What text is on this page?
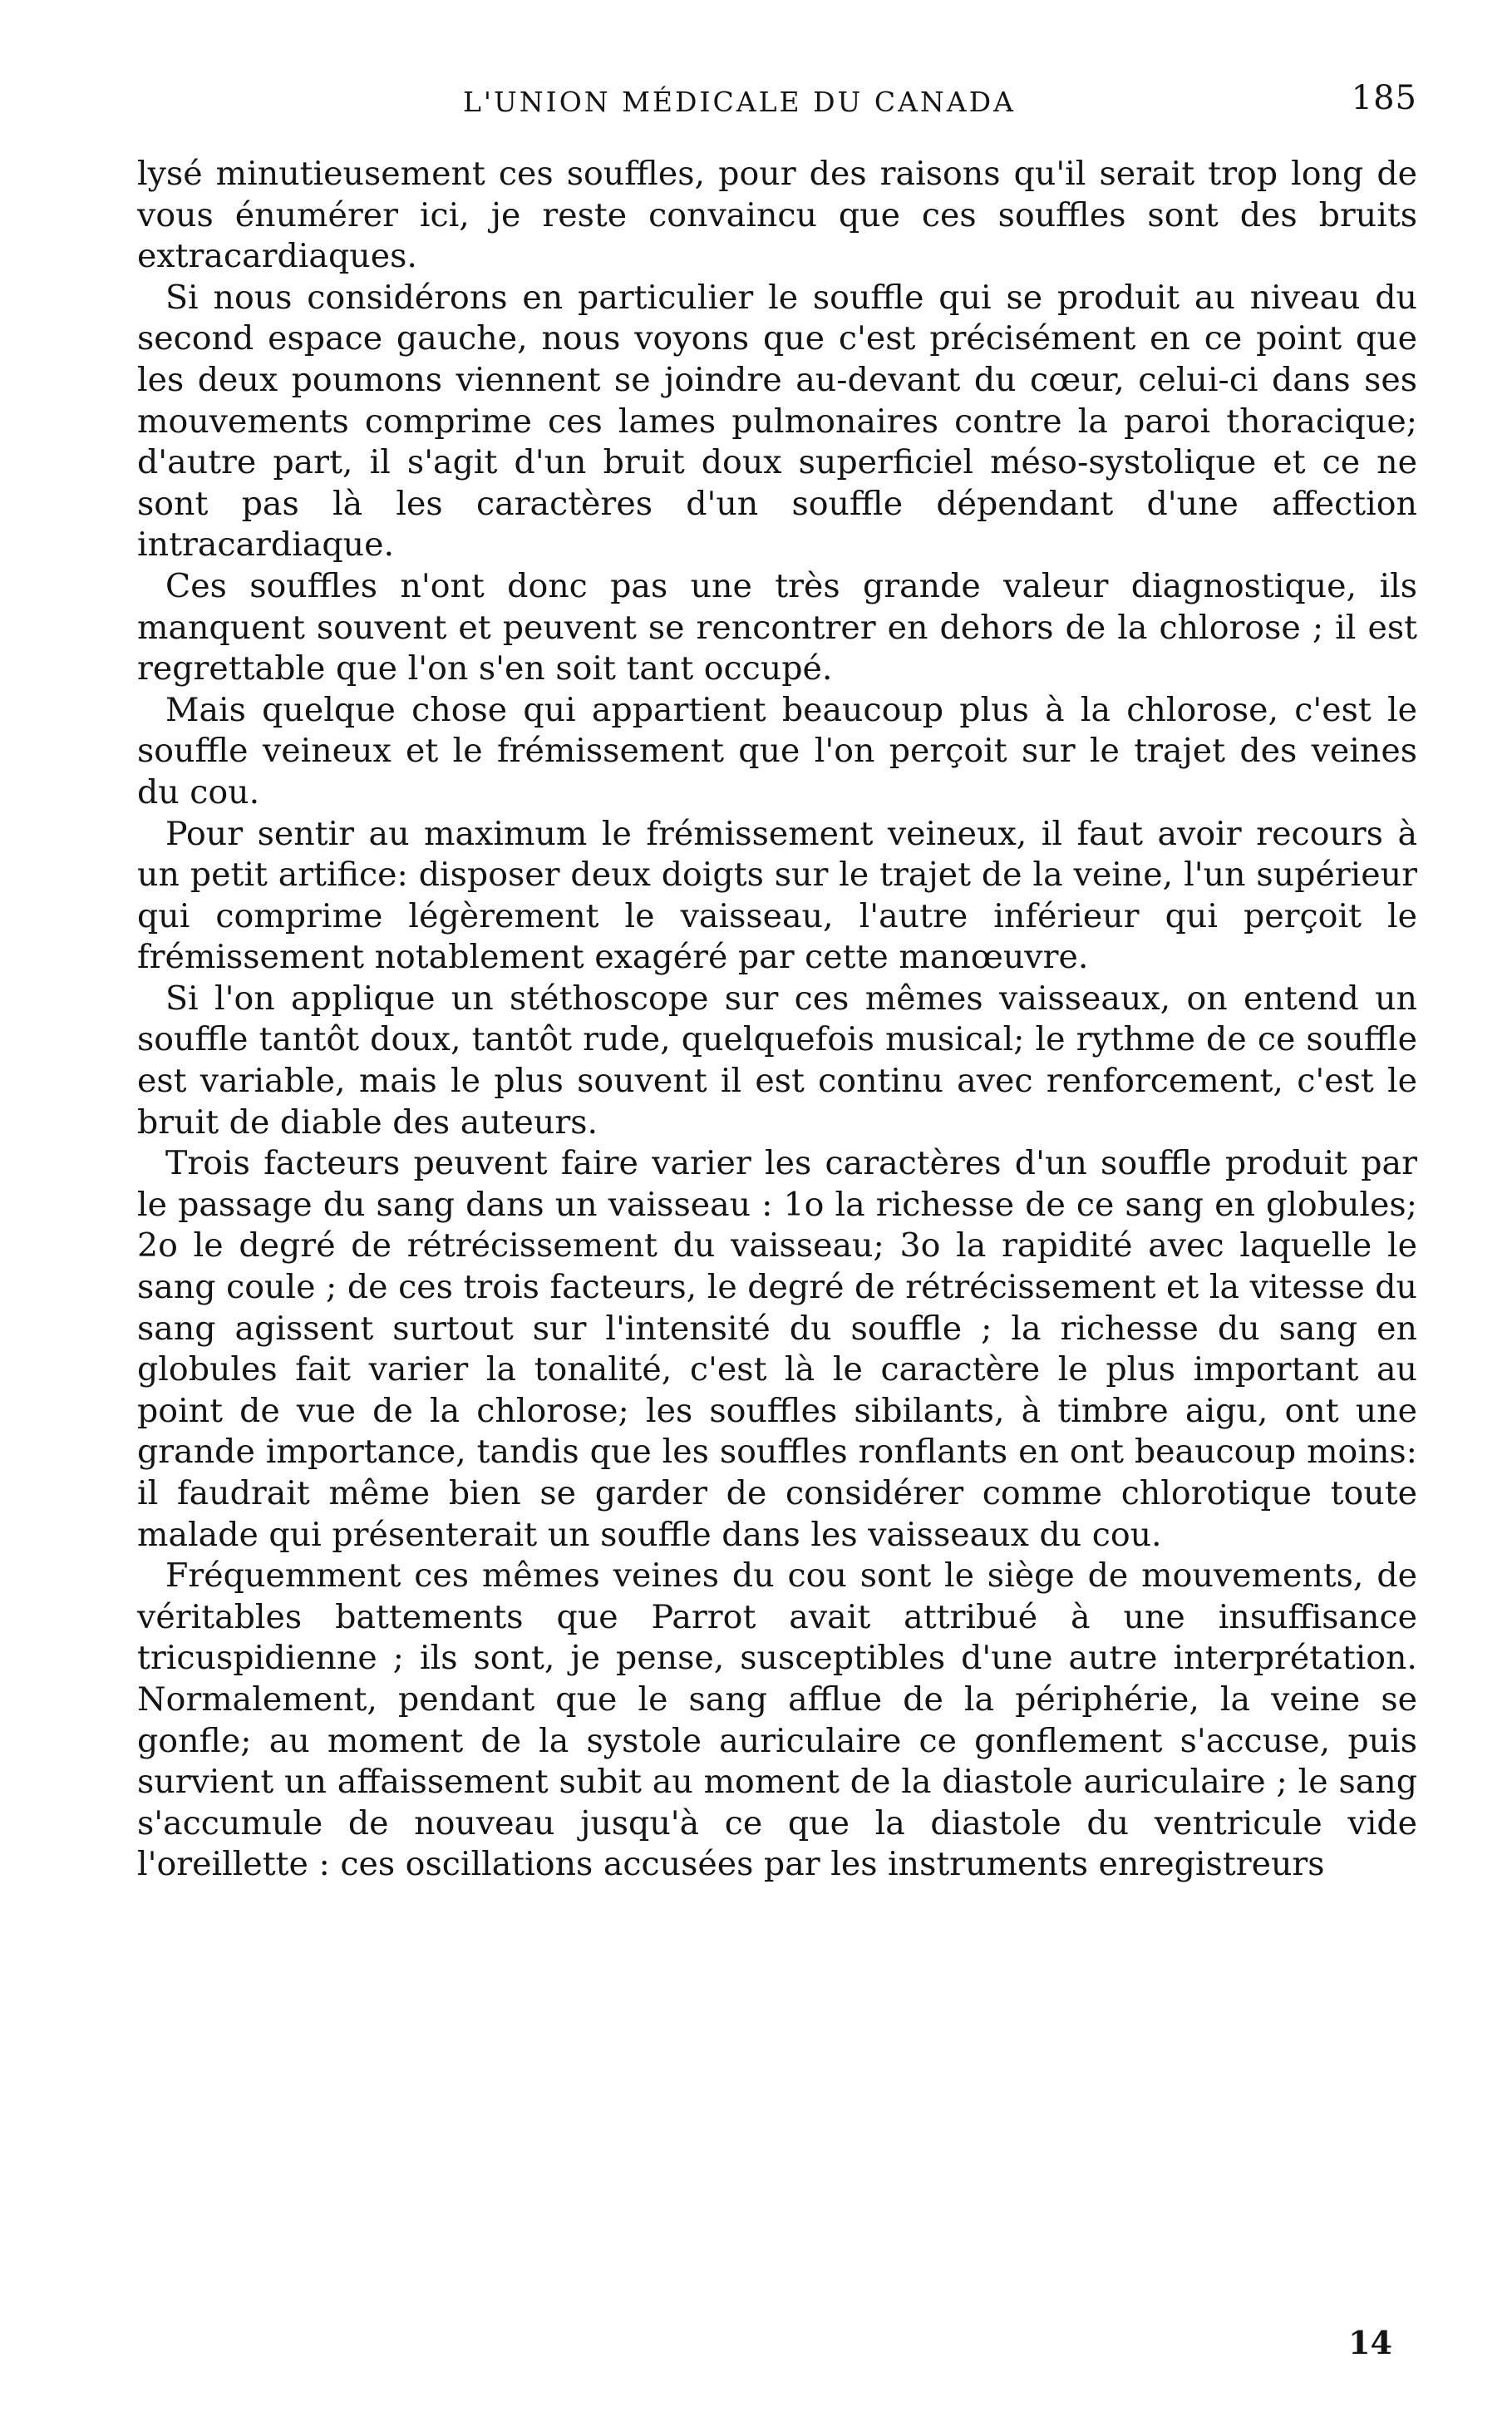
L'UNION MÉDICALE DU CANADA	185

lysé minutieusement ces souffles, pour des raisons qu'il serait trop long de vous énumérer ici, je reste convaincu que ces souffles sont des bruits extracardiaques.

Si nous considérons en particulier le souffle qui se produit au niveau du second espace gauche, nous voyons que c'est précisément en ce point que les deux poumons viennent se joindre au-devant du cœur, celui-ci dans ses mouvements comprime ces lames pulmonaires contre la paroi thoracique; d'autre part, il s'agit d'un bruit doux superficiel méso-systolique et ce ne sont pas là les caractères d'un souffle dépendant d'une affection intracardiaque.

Ces souffles n'ont donc pas une très grande valeur diagnostique, ils manquent souvent et peuvent se rencontrer en dehors de la chlorose ; il est regrettable que l'on s'en soit tant occupé.

Mais quelque chose qui appartient beaucoup plus à la chlorose, c'est le souffle veineux et le frémissement que l'on perçoit sur le trajet des veines du cou.

Pour sentir au maximum le frémissement veineux, il faut avoir recours à un petit artifice: disposer deux doigts sur le trajet de la veine, l'un supérieur qui comprime légèrement le vaisseau, l'autre inférieur qui perçoit le frémissement notablement exagéré par cette manœuvre.

Si l'on applique un stéthoscope sur ces mêmes vaisseaux, on entend un souffle tantôt doux, tantôt rude, quelquefois musical; le rythme de ce souffle est variable, mais le plus souvent il est continu avec renforcement, c'est le bruit de diable des auteurs.

Trois facteurs peuvent faire varier les caractères d'un souffle produit par le passage du sang dans un vaisseau : 1o la richesse de ce sang en globules; 2o le degré de rétrécissement du vaisseau; 3o la rapidité avec laquelle le sang coule ; de ces trois facteurs, le degré de rétrécissement et la vitesse du sang agissent surtout sur l'intensité du souffle ; la richesse du sang en globules fait varier la tonalité, c'est là le caractère le plus important au point de vue de la chlorose; les souffles sibilants, à timbre aigu, ont une grande importance, tandis que les souffles ronflants en ont beaucoup moins: il faudrait même bien se garder de considérer comme chlorotique toute malade qui présenterait un souffle dans les vaisseaux du cou.

Fréquemment ces mêmes veines du cou sont le siège de mouvements, de véritables battements que Parrot avait attribué à une insuffisance tricuspidienne ; ils sont, je pense, susceptibles d'une autre interprétation. Normalement, pendant que le sang afflue de la périphérie, la veine se gonfle; au moment de la systole auriculaire ce gonflement s'accuse, puis survient un affaissement subit au moment de la diastole auriculaire ; le sang s'accumule de nouveau jusqu'à ce que la diastole du ventricule vide l'oreillette : ces oscillations accusées par les instruments enregistreurs

14
